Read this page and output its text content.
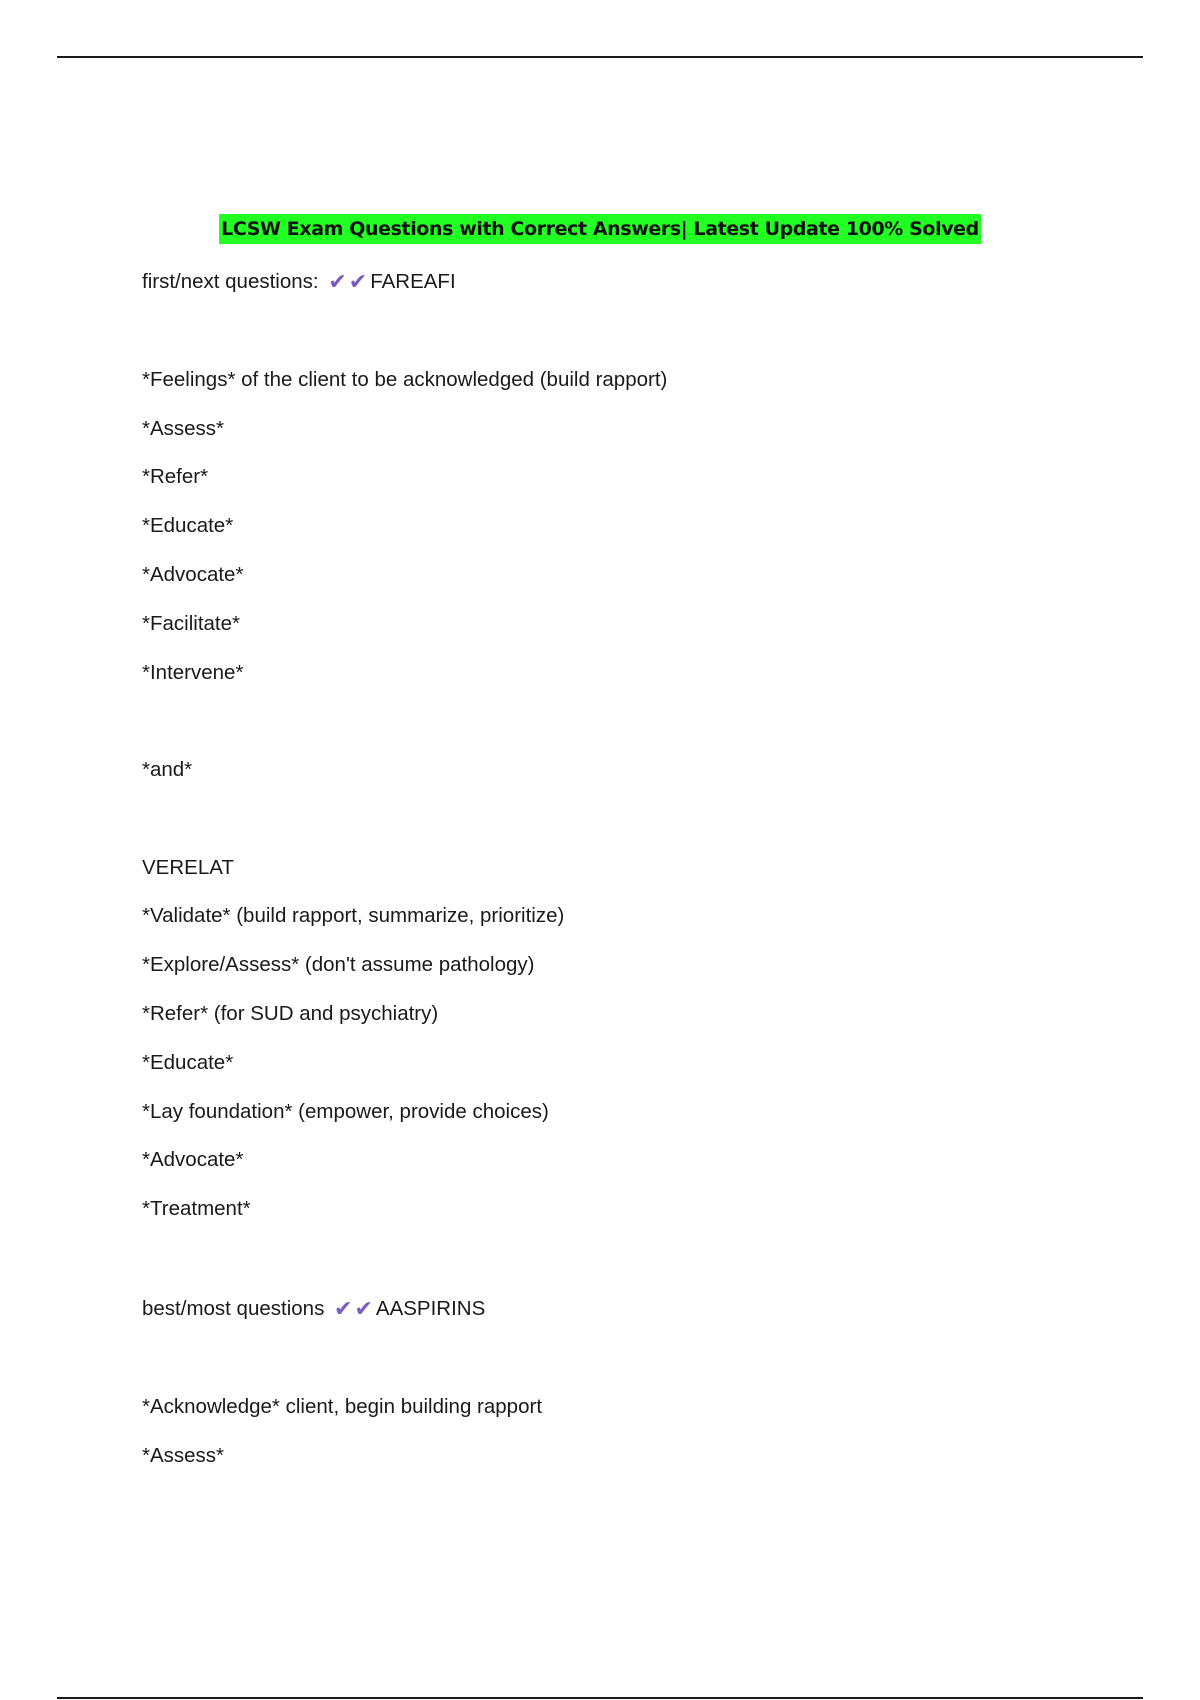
LCSW Exam Questions with Correct Answers| Latest Update 100% Solved
first/next questions: ✔✔ FAREAFI
*Feelings* of the client to be acknowledged (build rapport)
*Assess*
*Refer*
*Educate*
*Advocate*
*Facilitate*
*Intervene*
*and*
VERELAT
*Validate* (build rapport, summarize, prioritize)
*Explore/Assess* (don't assume pathology)
*Refer* (for SUD and psychiatry)
*Educate*
*Lay foundation* (empower, provide choices)
*Advocate*
*Treatment*
best/most questions ✔✔ AASPIRINS
*Acknowledge* client, begin building rapport
*Assess*
